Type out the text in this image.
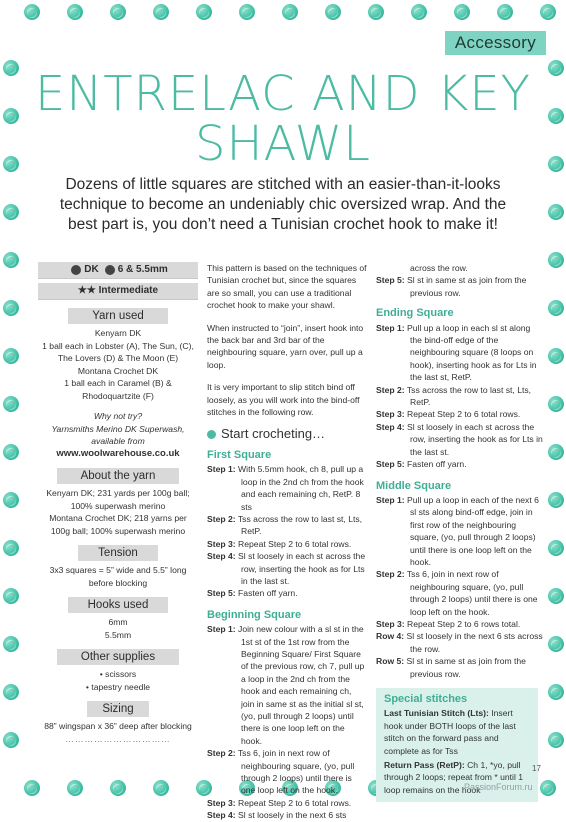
Accessory
ENTRELAC AND KEY
SHAWL
Dozens of little squares are stitched with an easier-than-it-looks technique to become an undeniably chic oversized wrap. And the best part is, you don’t need a Tunisian crochet hook to make it!
DK 6 & 5.5mm
★★ Intermediate
Yarn used
Kenyarn DK
1 ball each in Lobster (A), The Sun, (C),
The Lovers (D) & The Moon (E)
Montana Crochet DK
1 ball each in Caramel (B) &
Rhodoquartzite (F)
Why not try?
Yarnsmiths Merino DK Superwash,
available from
www.woolwarehouse.co.uk
About the yarn
Kenyarn DK; 231 yards per 100g ball;
100% superwash merino
Montana Crochet DK; 218 yarns per
100g ball; 100% superwash merino
Tension
3x3 squares = 5” wide and 5.5” long
before blocking
Hooks used
6mm
5.5mm
Other supplies
• scissors
• tapestry needle
Sizing
88” wingspan x 36” deep after blocking
……………………………

This pattern is based on the techniques of Tunisian crochet but, since the squares are so small, you can use a traditional crochet hook to make your shawl.

When instructed to “join”, insert hook into the back bar and 3rd bar of the neighbouring square, yarn over, pull up a loop.

It is very important to slip stitch bind off loosely, as you will work into the bind-off stitches in the following row.

Start crocheting…
First Square
Step 1: With 5.5mm hook, ch 8, pull up a loop in the 2nd ch from the hook and each remaining ch, RetP. 8 sts
Step 2: Tss across the row to last st, Lts, RetP.
Step 3: Repeat Step 2 to 6 total rows.
Step 4: Sl st loosely in each st across the row, inserting the hook as for Lts in the last st.
Step 5: Fasten off yarn.
Beginning Square
Step 1: Join new colour with a sl st in the 1st st of the 1st row from the Beginning Square/ First Square of the previous row, ch 7, pull up a loop in the 2nd ch from the hook and each remaining ch, join in same st as the initial sl st, (yo, pull through 2 loops) until there is one loop left on the hook.
Step 2: Tss 6, join in next row of neighbouring square, (yo, pull through 2 loops) until there is one loop left on the hook.
Step 3: Repeat Step 2 to 6 total rows.
Step 4: Sl st loosely in the next 6 sts
across the row.
Step 5: Sl st in same st as join from the previous row.
Ending Square
Step 1: Pull up a loop in each sl st along the bind-off edge of the neighbouring square (8 loops on hook), inserting hook as for Lts in the last st, RetP.
Step 2: Tss across the row to last st, Lts, RetP.
Step 3: Repeat Step 2 to 6 total rows.
Step 4: Sl st loosely in each st across the row, inserting the hook as for Lts in the last st.
Step 5: Fasten off yarn.
Middle Square
Step 1: Pull up a loop in each of the next 6 sl sts along bind-off edge, join in first row of the neighbouring square, (yo, pull through 2 loops) until there is one loop left on the hook.
Step 2: Tss 6, join in next row of neighbouring square, (yo, pull through 2 loops) until there is one loop left on the hook.
Step 3: Repeat Step 2 to 6 rows total.
Row 4: Sl st loosely in the next 6 sts across the row.
Row 5: Sl st in same st as join from the previous row.
Special stitches
Last Tunisian Stitch (Lts): Insert hook under BOTH loops of the last stitch on the forward pass and complete as for Tss
Return Pass (RetP): Ch 1, *yo, pull through 2 loops; repeat from * until 1 loop remains on the hook
17
PassionForum.ru
